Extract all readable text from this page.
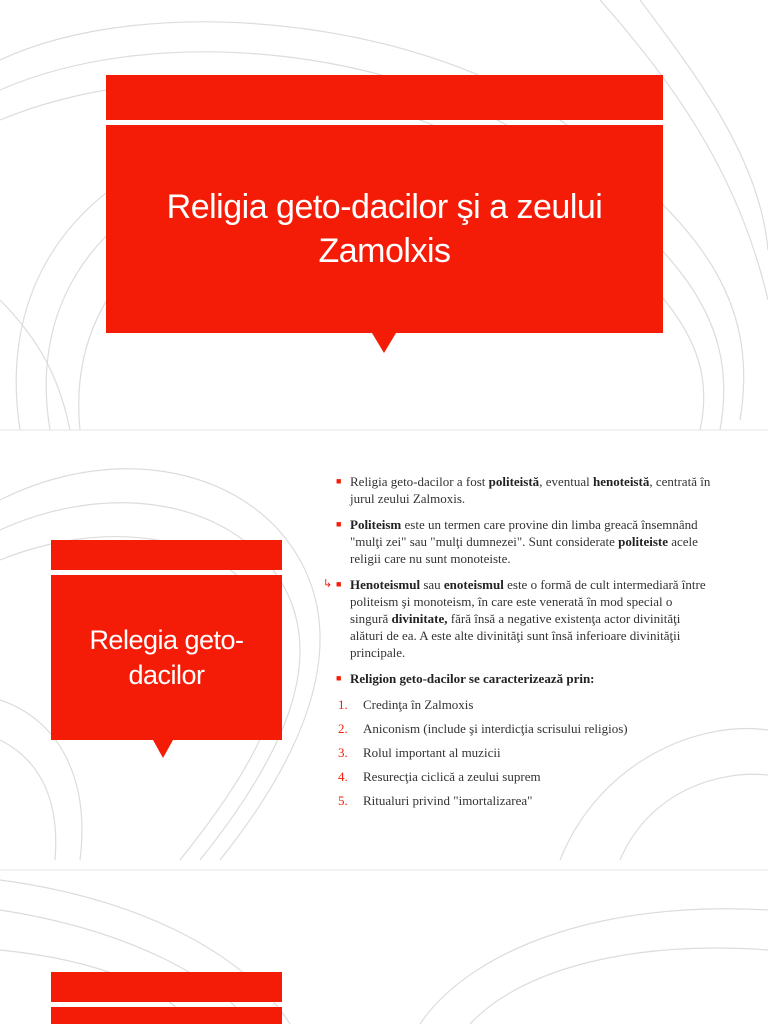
Religia geto-dacilor şi a zeului Zamolxis
Relegia geto-dacilor
■ Religia geto-dacilor a fost politeistă, eventual henoteistă, centrată în jurul zeului Zalmoxis.
■ Politeism este un termen care provine din limba greacă însemnând "mulţi zei" sau "mulţi dumnezei". Sunt considerate politeiste acele religii care nu sunt monoteiste.
↳ ■ Henoteismul sau enoteismul este o formă de cult intermediară între politeism şi monoteism, în care este venerată în mod special o singură divinitate, fără însă a negative existenţa actor divinităţi alături de ea. A este alte divinităţi sunt însă inferioare divinităţii principale.
■ Religion geto-dacilor se caracterizează prin:
1. Credinţa în Zalmoxis
2. Aniconism (include şi interdicţia scrisului religios)
3. Rolul important al muzicii
4. Resurecţia ciclică a zeului suprem
5. Ritualuri privind "imortalizarea"
